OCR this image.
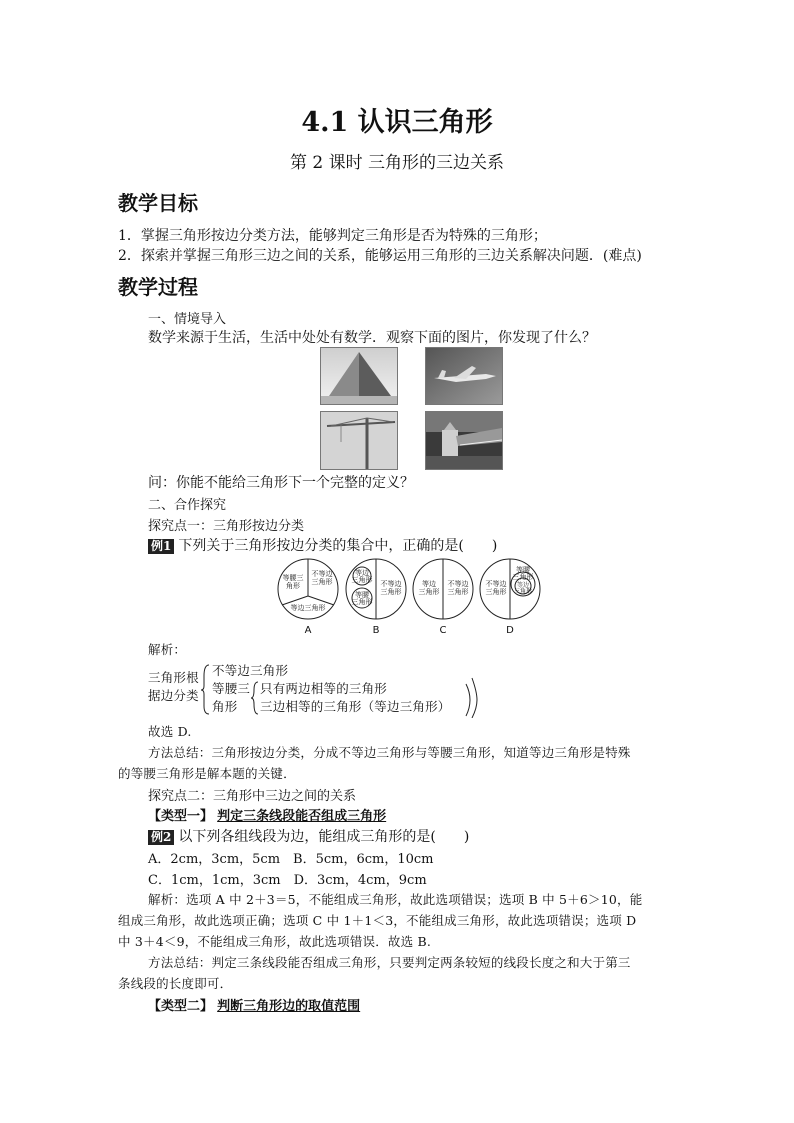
4.1 认识三角形
第 2 课时 三角形的三边关系
教学目标
1．掌握三角形按边分类方法，能够判定三角形是否为特殊的三角形；
2．探索并掌握三角形三边之间的关系，能够运用三角形的三边关系解决问题．(难点)
教学过程
一、情境导入
数学来源于生活，生活中处处有数学．观察下面的图片，你发现了什么？
问：你能不能给三角形下一个完整的定义？
二、合作探究
探究点一：三角形按边分类
例1 下列关于三角形按边分类的集合中，正确的是(　　)
等腰三
角形
不等边
三角形
等边三角形
等边
三角形
等腰
三角形
不等边
三角形
等边
三角形
不等边
三角形
不等边
三角形
等腰
三角形
等边
三角形
A	B	C	D
解析：
三角形根
据边分类
不等边三角形
等腰三
角形
只有两边相等的三角形
三边相等的三角形（等边三角形）
故选 D.
方法总结：三角形按边分类，分成不等边三角形与等腰三角形，知道等边三角形是特殊
的等腰三角形是解本题的关键．
探究点二：三角形中三边之间的关系
【类型一】 判定三条线段能否组成三角形
例2 以下列各组线段为边，能组成三角形的是(　　)
A．2cm，3cm，5cm　B．5cm，6cm，10cm
C．1cm，1cm，3cm　D．3cm，4cm，9cm
解析：选项 A 中 2＋3＝5，不能组成三角形，故此选项错误；选项 B 中 5＋6＞10，能
组成三角形，故此选项正确；选项 C 中 1＋1＜3，不能组成三角形，故此选项错误；选项 D
中 3＋4＜9，不能组成三角形，故此选项错误．故选 B.
方法总结：判定三条线段能否组成三角形，只要判定两条较短的线段长度之和大于第三
条线段的长度即可．
【类型二】 判断三角形边的取值范围
